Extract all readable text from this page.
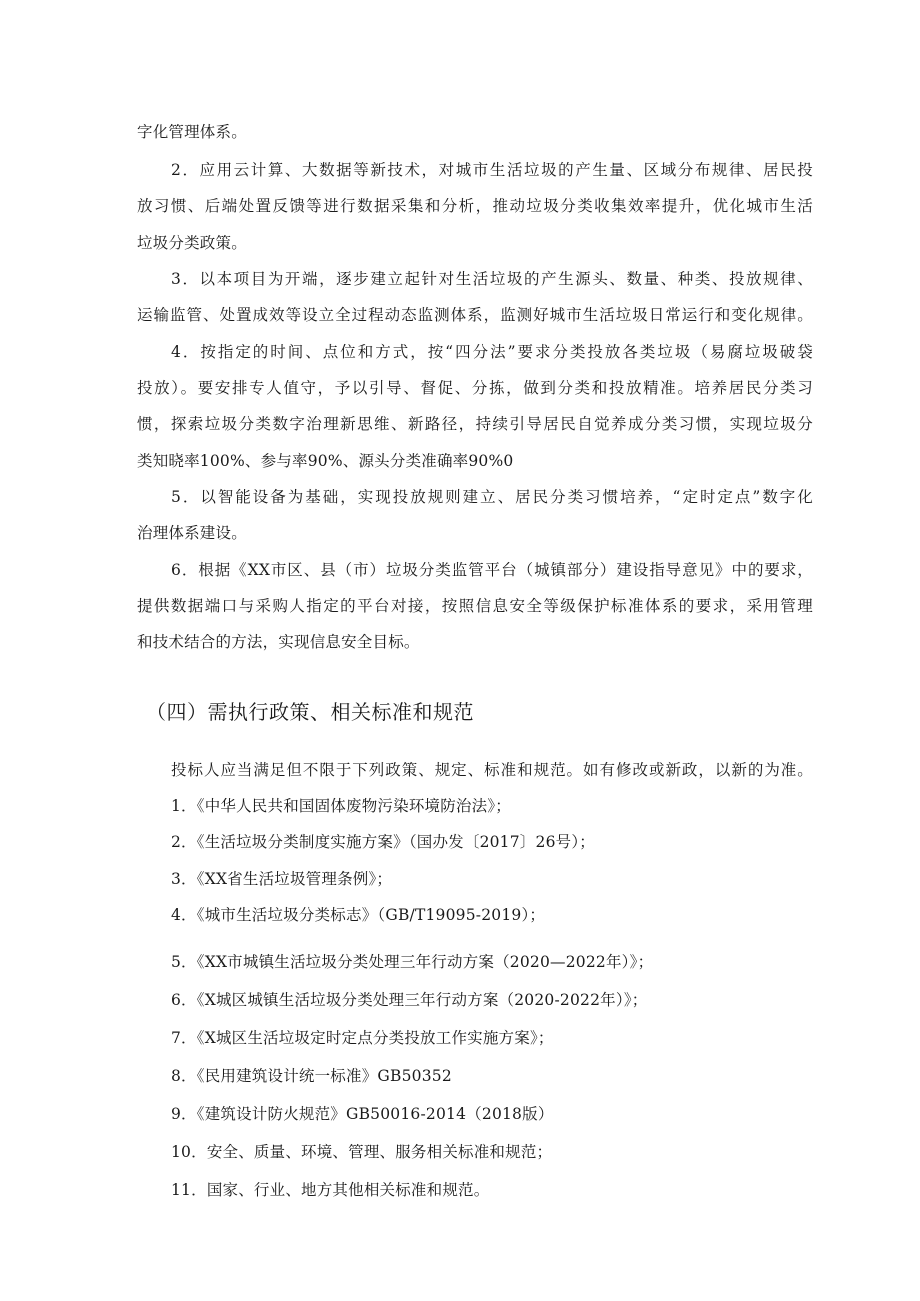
字化管理体系。
2．应用云计算、大数据等新技术，对城市生活垃圾的产生量、区域分布规律、居民投
放习惯、后端处置反馈等进行数据采集和分析，推动垃圾分类收集效率提升，优化城市生活
垃圾分类政策。
3．以本项目为开端，逐步建立起针对生活垃圾的产生源头、数量、种类、投放规律、
运输监管、处置成效等设立全过程动态监测体系，监测好城市生活垃圾日常运行和变化规律。
4．按指定的时间、点位和方式，按“四分法”要求分类投放各类垃圾（易腐垃圾破袋
投放）。要安排专人值守，予以引导、督促、分拣，做到分类和投放精准。培养居民分类习
惯，探索垃圾分类数字治理新思维、新路径，持续引导居民自觉养成分类习惯，实现垃圾分
类知晓率100%、参与率90%、源头分类准确率90%0
5．以智能设备为基础，实现投放规则建立、居民分类习惯培养，“定时定点”数字化
治理体系建设。
6．根据《XX市区、县（市）垃圾分类监管平台（城镇部分）建设指导意见》中的要求，
提供数据端口与采购人指定的平台对接，按照信息安全等级保护标准体系的要求，采用管理
和技术结合的方法，实现信息安全目标。
（四）需执行政策、相关标准和规范
投标人应当满足但不限于下列政策、规定、标准和规范。如有修改或新政，以新的为准。
1．《中华人民共和国固体废物污染环境防治法》；
2．《生活垃圾分类制度实施方案》（国办发〔2017〕26号）；
3．《XX省生活垃圾管理条例》；
4．《城市生活垃圾分类标志》（GB/T19095-2019）；
5．《XX市城镇生活垃圾分类处理三年行动方案（2020—2022年）》；
6．《X城区城镇生活垃圾分类处理三年行动方案（2020-2022年）》；
7．《X城区生活垃圾定时定点分类投放工作实施方案》；
8．《民用建筑设计统一标准》GB50352
9．《建筑设计防火规范》GB50016-2014（2018版）
10．安全、质量、环境、管理、服务相关标准和规范；
11．国家、行业、地方其他相关标准和规范。
